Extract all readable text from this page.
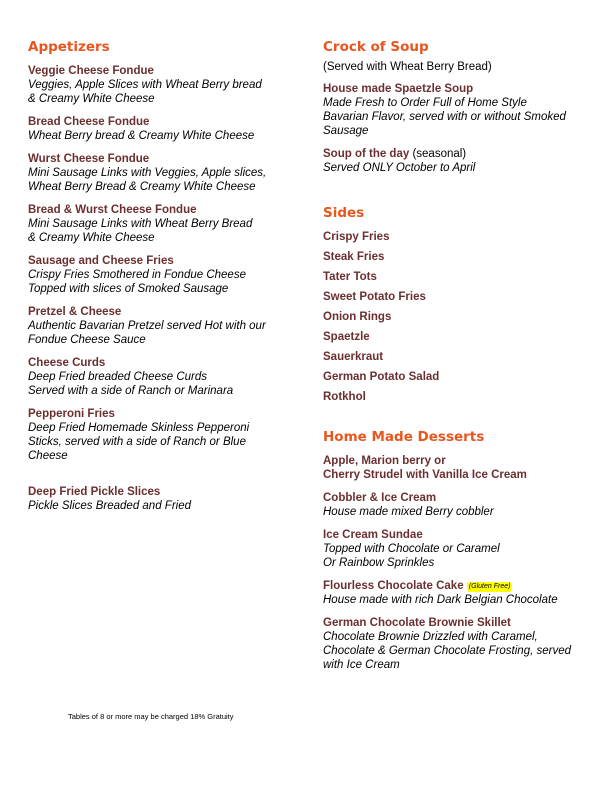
Appetizers
Veggie Cheese Fondue
Veggies, Apple Slices with Wheat Berry bread
& Creamy White Cheese
Bread Cheese Fondue
Wheat Berry bread & Creamy White Cheese
Wurst Cheese Fondue
Mini Sausage Links with Veggies, Apple slices,
Wheat Berry Bread & Creamy White Cheese
Bread & Wurst Cheese Fondue
Mini Sausage Links with Wheat Berry Bread
& Creamy White Cheese
Sausage and Cheese Fries
Crispy Fries Smothered in Fondue Cheese
Topped with slices of Smoked Sausage
Pretzel & Cheese
Authentic Bavarian Pretzel served Hot with our
Fondue Cheese Sauce
Cheese Curds
Deep Fried breaded Cheese Curds
Served with a side of Ranch or Marinara
Pepperoni Fries
Deep Fried Homemade Skinless Pepperoni
Sticks, served with a side of Ranch or Blue
Cheese
Deep Fried Pickle Slices
Pickle Slices Breaded and Fried
Crock of Soup
(Served with Wheat Berry Bread)
House made Spaetzle Soup
Made Fresh to Order Full of Home Style
Bavarian Flavor, served with or without Smoked
Sausage
Soup of the day (seasonal)
Served ONLY October to April
Sides
Crispy Fries
Steak Fries
Tater Tots
Sweet Potato Fries
Onion Rings
Spaetzle
Sauerkraut
German Potato Salad
Rotkhol
Home Made Desserts
Apple, Marion berry or
Cherry Strudel with Vanilla Ice Cream
Cobbler & Ice Cream
House made mixed Berry cobbler
Ice Cream Sundae
Topped with Chocolate or Caramel
Or Rainbow Sprinkles
Flourless Chocolate Cake (Gluten Free)
House made with rich Dark Belgian Chocolate
German Chocolate Brownie Skillet
Chocolate Brownie Drizzled with Caramel,
Chocolate & German Chocolate Frosting, served
with Ice Cream
Tables of 8 or more may be charged 18% Gratuity
